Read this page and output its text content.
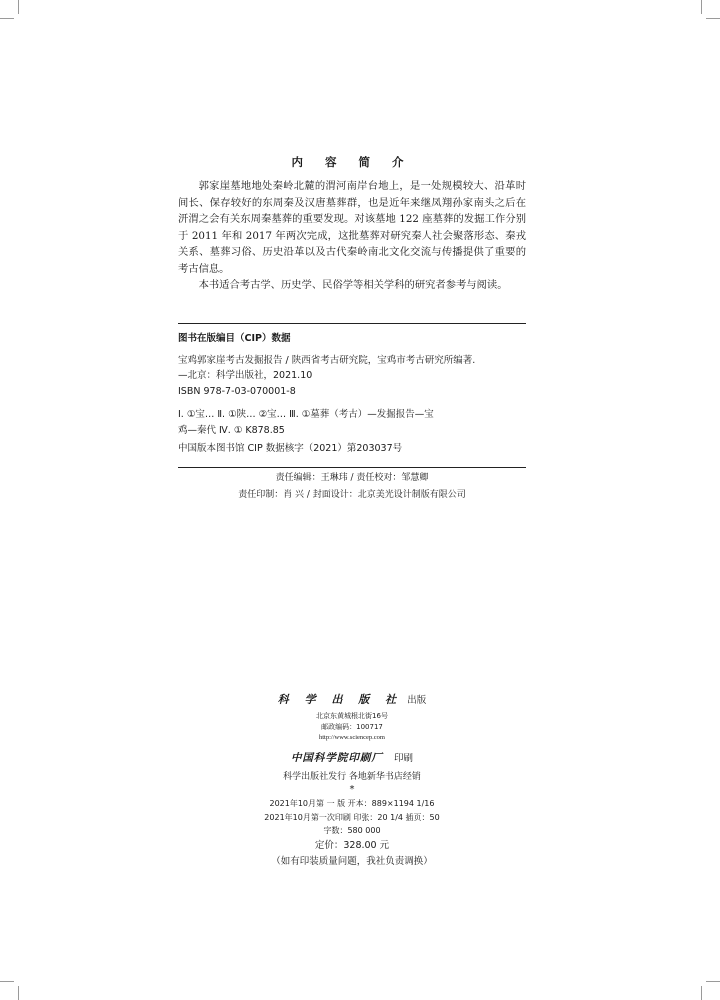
内 容 简 介

郭家崖墓地地处秦岭北麓的渭河南岸台地上，是一处规模较大、沿革时间长、保存较好的东周秦及汉唐墓葬群，也是近年来继凤翔孙家南头之后在汧渭之会有关东周秦墓葬的重要发现。对该墓地 122 座墓葬的发掘工作分别于 2011 年和 2017 年两次完成，这批墓葬对研究秦人社会聚落形态、秦戎关系、墓葬习俗、历史沿革以及古代秦岭南北文化交流与传播提供了重要的考古信息。

本书适合考古学、历史学、民俗学等相关学科的研究者参考与阅读。

图书在版编目（CIP）数据
宝鸡郭家崖考古发掘报告 / 陕西省考古研究院，宝鸡市考古研究所编著.
—北京：科学出版社，2021.10
ISBN 978-7-03-070001-8
Ⅰ. ①宝… Ⅱ. ①陕… ②宝… Ⅲ. ①墓葬（考古）—发掘报告—宝
鸡—秦代 Ⅳ. ① K878.85
中国版本图书馆 CIP 数据核字（2021）第203037号
责任编辑：王琳玮 / 责任校对：邹慧卿
责任印制：肖 兴 / 封面设计：北京美光设计制版有限公司
科 学 出 版 社 出版
北京东黄城根北街16号
邮政编码：100717
http://www.sciencep.com
中国科学院印刷厂 印刷
科学出版社发行 各地新华书店经销
*
2021年10月第 一 版 开本：889×1194 1/16
2021年10月第一次印刷 印张：20 1/4 插页：50
字数：580 000
定价：328.00 元
（如有印装质量问题，我社负责调换）
